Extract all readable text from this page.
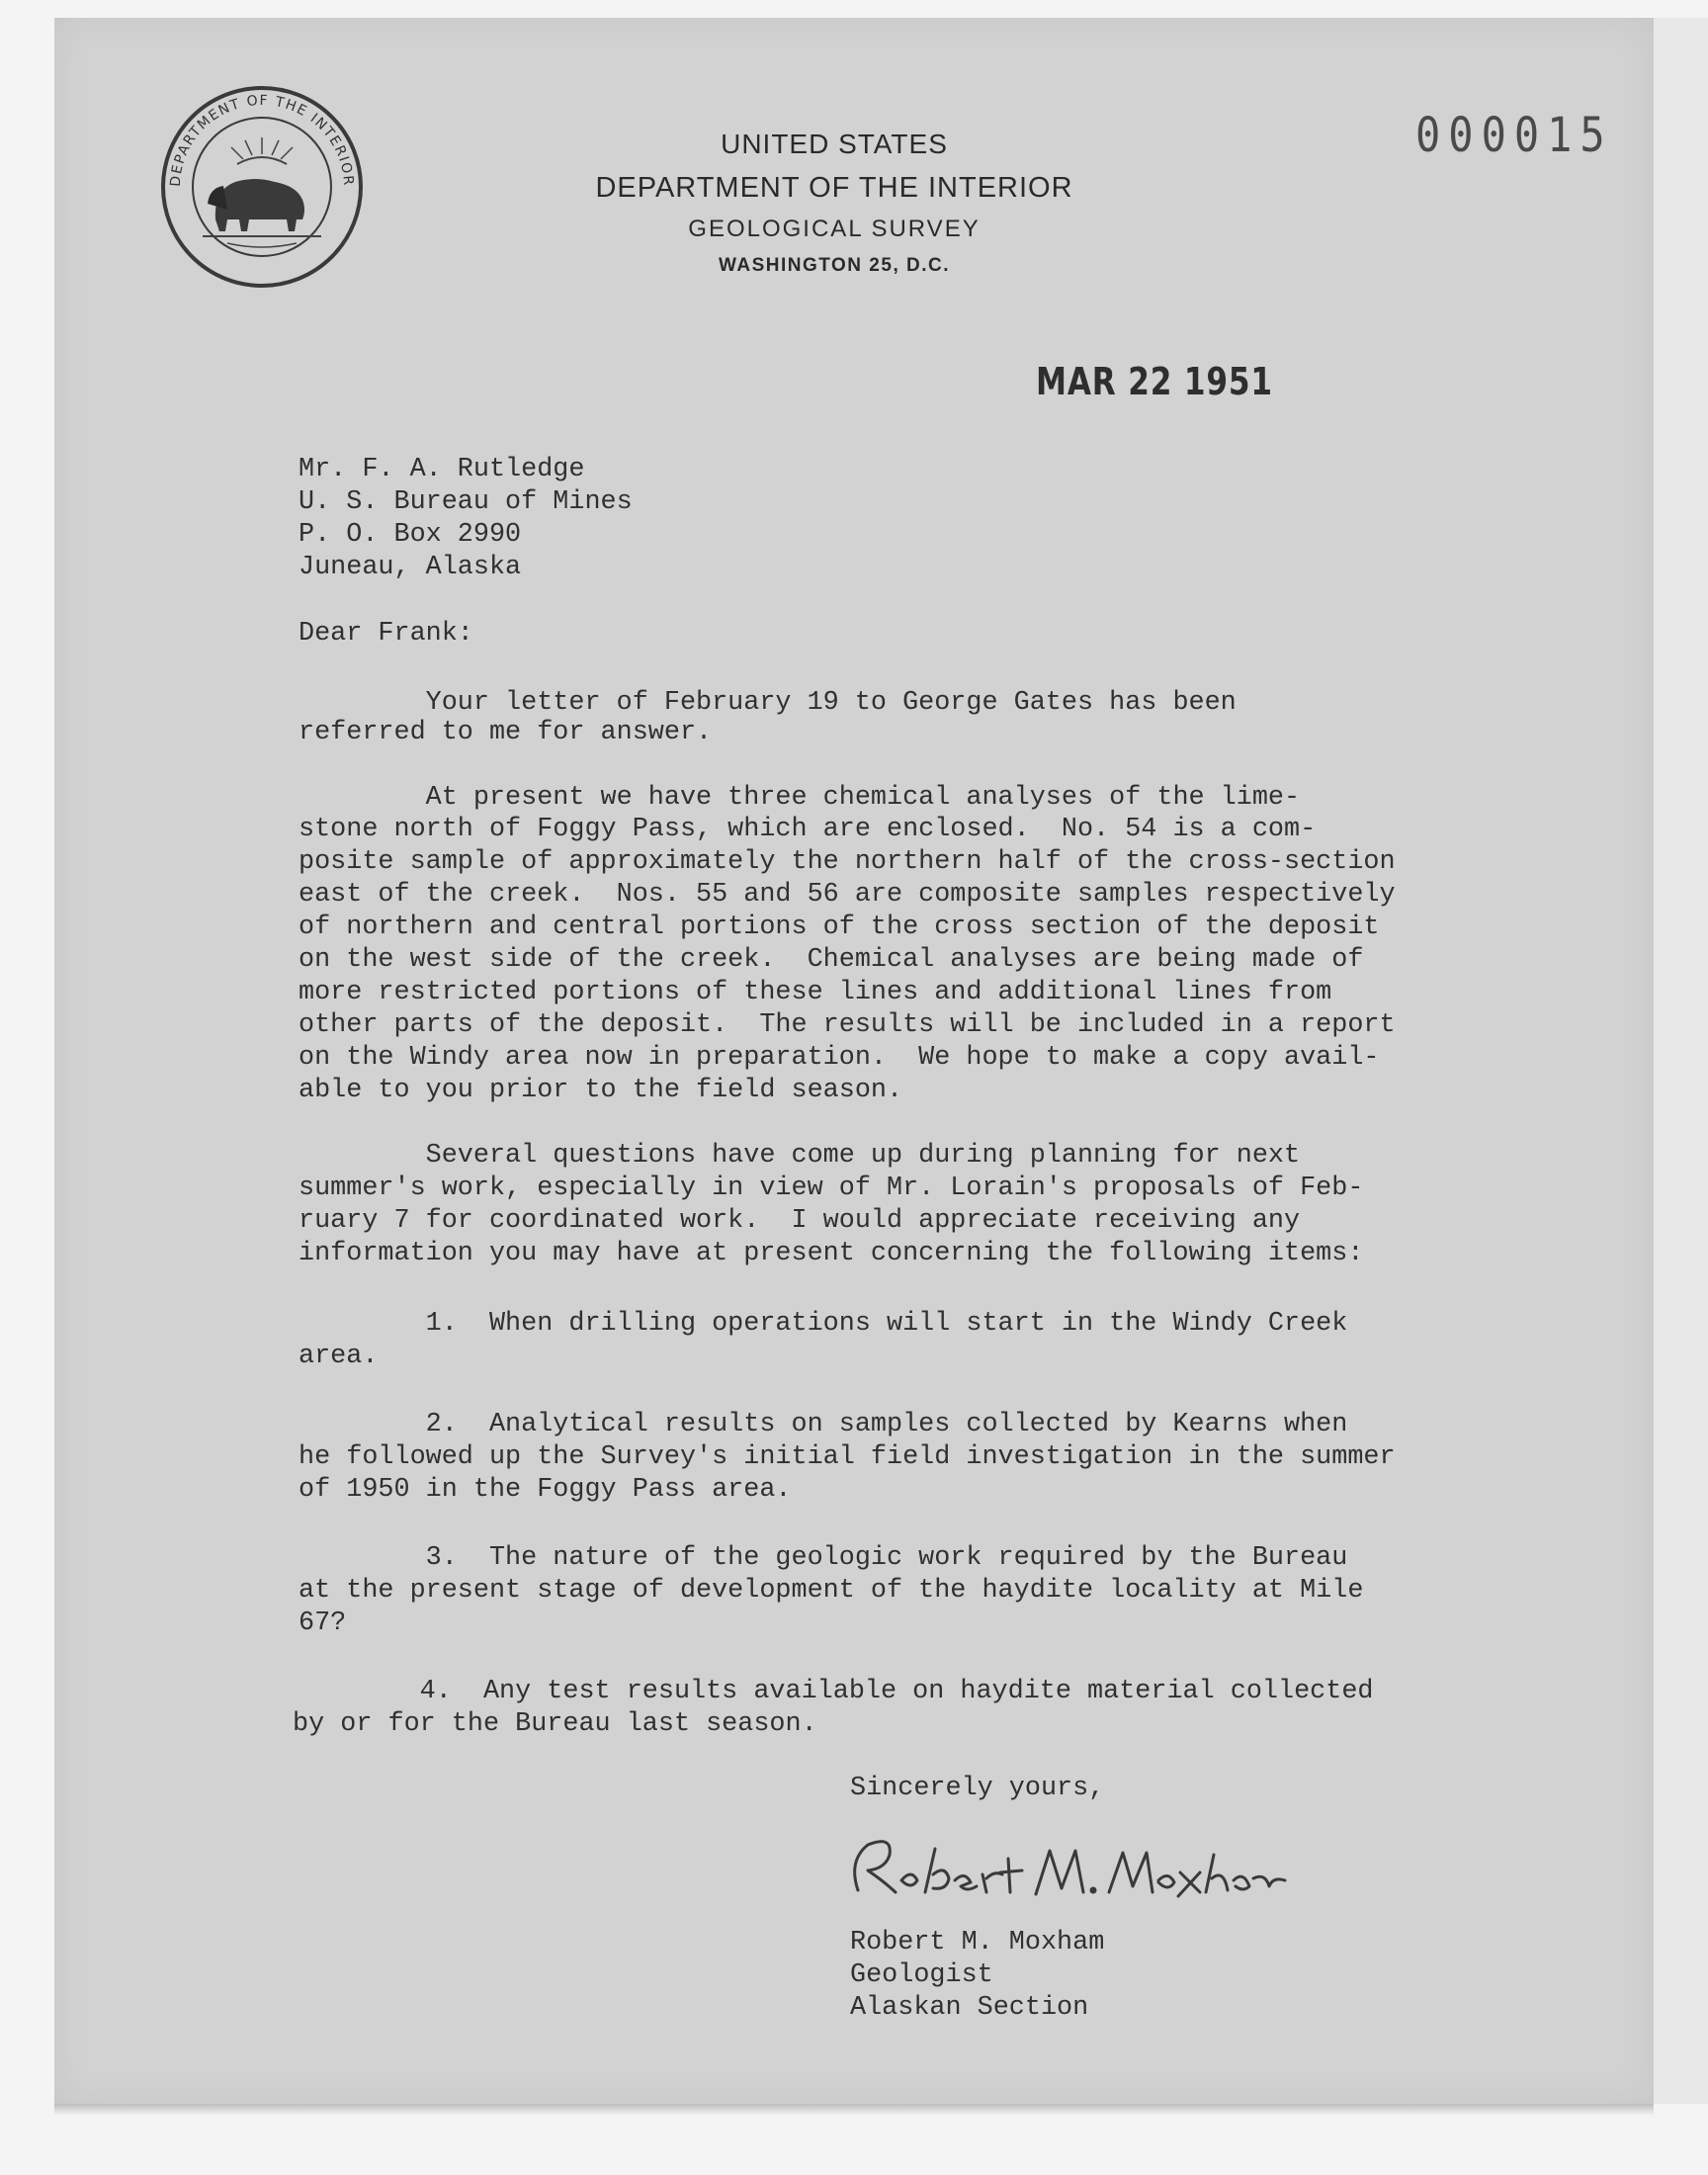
DEPARTMENT OF THE INTERIOR
UNITED STATES
DEPARTMENT OF THE INTERIOR
GEOLOGICAL SURVEY
WASHINGTON 25, D.C.
000015
MAR 22 1951
Mr. F. A. Rutledge
U. S. Bureau of Mines
P. O. Box 2990
Juneau, Alaska
Dear Frank:
Your letter of February 19 to George Gates has been
referred to me for answer.
At present we have three chemical analyses of the lime-
stone north of Foggy Pass, which are enclosed.  No. 54 is a com-
posite sample of approximately the northern half of the cross-section
east of the creek.  Nos. 55 and 56 are composite samples respectively
of northern and central portions of the cross section of the deposit
on the west side of the creek.  Chemical analyses are being made of
more restricted portions of these lines and additional lines from
other parts of the deposit.  The results will be included in a report
on the Windy area now in preparation.  We hope to make a copy avail-
able to you prior to the field season.
Several questions have come up during planning for next
summer's work, especially in view of Mr. Lorain's proposals of Feb-
ruary 7 for coordinated work.  I would appreciate receiving any
information you may have at present concerning the following items:
1.  When drilling operations will start in the Windy Creek
area.
2.  Analytical results on samples collected by Kearns when
he followed up the Survey's initial field investigation in the summer
of 1950 in the Foggy Pass area.
3.  The nature of the geologic work required by the Bureau
at the present stage of development of the haydite locality at Mile
67?
4.  Any test results available on haydite material collected
by or for the Bureau last season.
Sincerely yours,
Robert M. Moxham
Geologist
Alaskan Section
